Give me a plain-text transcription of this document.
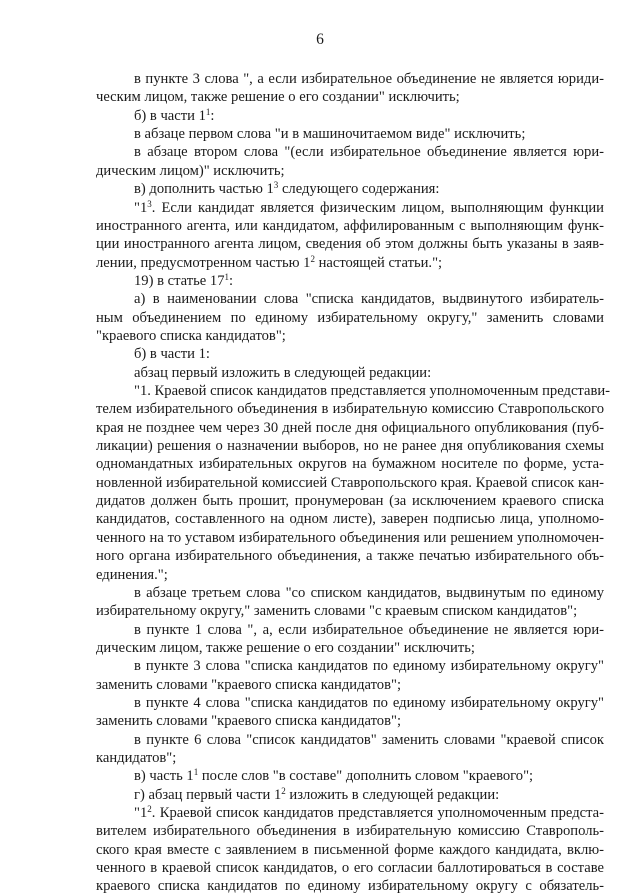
6
в пункте 3 слова ", а если избирательное объединение не является юриди-
ческим лицом, также решение о его создании" исключить;
б) в части $1^1$:
в абзаце первом слова "и в машиночитаемом виде" исключить;
в абзаце втором слова "(если избирательное объединение является юри-
дическим лицом)" исключить;
в) дополнить частью $1^3$ следующего содержания:
"$1^3$. Если кандидат является физическим лицом, выполняющим функции
иностранного агента, или кандидатом, аффилированным с выполняющим функ-
ции иностранного агента лицом, сведения об этом должны быть указаны в заяв-
лении, предусмотренном частью $1^2$ настоящей статьи.";
19) в статье $17^1$:
а) в наименовании слова "списка кандидатов, выдвинутого избиратель-
ным объединением по единому избирательному округу," заменить словами
"краевого списка кандидатов";
б) в части 1:
абзац первый изложить в следующей редакции:
"1. Краевой список кандидатов представляется уполномоченным представи-
телем избирательного объединения в избирательную комиссию Ставропольского
края не позднее чем через 30 дней после дня официального опубликования (пуб-
ликации) решения о назначении выборов, но не ранее дня опубликования схемы
одномандатных избирательных округов на бумажном носителе по форме, уста-
новленной избирательной комиссией Ставропольского края. Краевой список кан-
дидатов должен быть прошит, пронумерован (за исключением краевого списка
кандидатов, составленного на одном листе), заверен подписью лица, уполномо-
ченного на то уставом избирательного объединения или решением уполномочен-
ного органа избирательного объединения, а также печатью избирательного объ-
единения.";
в абзаце третьем слова "со списком кандидатов, выдвинутым по единому
избирательному округу," заменить словами "с краевым списком кандидатов";
в пункте 1 слова ", а, если избирательное объединение не является юри-
дическим лицом, также решение о его создании" исключить;
в пункте 3 слова "списка кандидатов по единому избирательному округу"
заменить словами "краевого списка кандидатов";
в пункте 4 слова "списка кандидатов по единому избирательному округу"
заменить словами "краевого списка кандидатов";
в пункте 6 слова "список кандидатов" заменить словами "краевой список
кандидатов";
в) часть $1^1$ после слов "в составе" дополнить словом "краевого";
г) абзац первый части $1^2$ изложить в следующей редакции:
"$1^2$. Краевой список кандидатов представляется уполномоченным предста-
вителем избирательного объединения в избирательную комиссию Ставрополь-
ского края вместе с заявлением в письменной форме каждого кандидата, вклю-
ченного в краевой список кандидатов, о его согласии баллотироваться в составе
краевого списка кандидатов по единому избирательному округу с обязатель-
